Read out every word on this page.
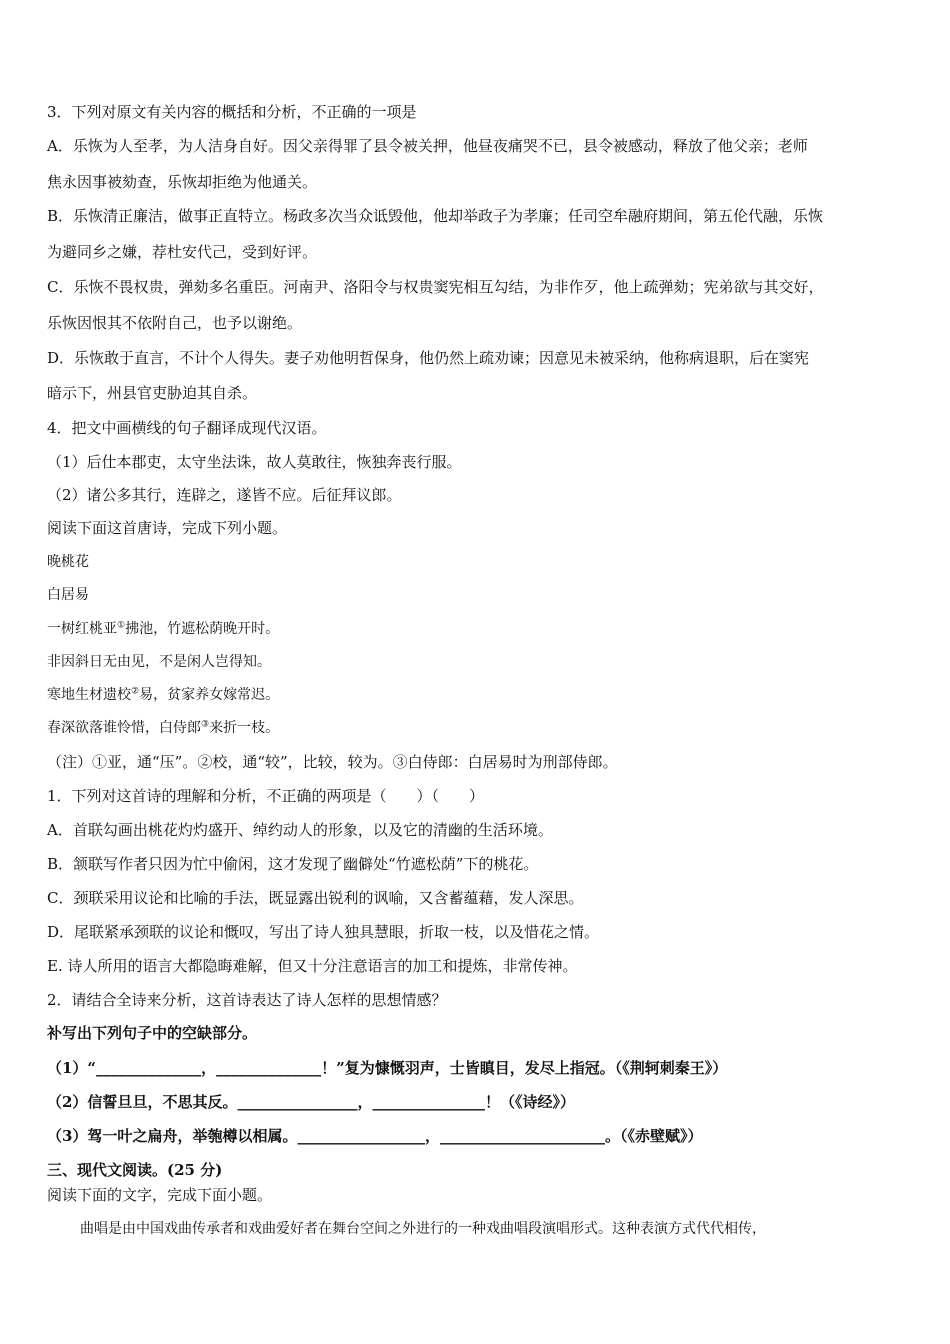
3．下列对原文有关内容的概括和分析，不正确的一项是
A．乐恢为人至孝，为人洁身自好。因父亲得罪了县令被关押，他昼夜痛哭不已，县令被感动，释放了他父亲；老师
焦永因事被劾查，乐恢却拒绝为他通关。
B．乐恢清正廉洁，做事正直特立。杨政多次当众诋毁他，他却举政子为孝廉；任司空牟融府期间，第五伦代融，乐恢
为避同乡之嫌，荐杜安代己，受到好评。
C．乐恢不畏权贵，弹劾多名重臣。河南尹、洛阳令与权贵窦宪相互勾结，为非作歹，他上疏弹劾；宪弟欲与其交好，
乐恢因恨其不依附自己，也予以谢绝。
D．乐恢敢于直言，不计个人得失。妻子劝他明哲保身，他仍然上疏劝谏；因意见未被采纳，他称病退职，后在窦宪
暗示下，州县官吏胁迫其自杀。
4．把文中画横线的句子翻译成现代汉语。
（1）后仕本郡吏，太守坐法诛，故人莫敢往，恢独奔丧行服。
（2）诸公多其行，连辟之，遂皆不应。后征拜议郎。
阅读下面这首唐诗，完成下列小题。
晚桃花
白居易
一树红桃亚①拂池，竹遮松荫晚开时。
非因斜日无由见，不是闲人岂得知。
寒地生材遗校②易，贫家养女嫁常迟。
春深欲落谁怜惜，白侍郎③来折一枝。
（注）①亚，通“压”。②校，通“较”，比较，较为。③白侍郎：白居易时为刑部侍郎。
1．下列对这首诗的理解和分析，不正确的两项是（　　）（　　）
A．首联勾画出桃花灼灼盛开、绰约动人的形象，以及它的清幽的生活环境。
B．颔联写作者只因为忙中偷闲，这才发现了幽僻处“竹遮松荫”下的桃花。
C．颈联采用议论和比喻的手法，既显露出锐利的讽喻，又含蓄蕴藉，发人深思。
D．尾联紧承颈联的议论和慨叹，写出了诗人独具慧眼，折取一枝，以及惜花之情。
E. 诗人所用的语言大都隐晦难解，但又十分注意语言的加工和提炼，非常传神。
2．请结合全诗来分析，这首诗表达了诗人怎样的思想情感？
补写出下列句子中的空缺部分。
（1）“______________，______________！”复为慷慨羽声，士皆瞋目，发尽上指冠。（《荆轲刺秦王》）
（2）信誓旦旦，不思其反。________________，_______________！（《诗经》）
（3）驾一叶之扁舟，举匏樽以相属。_________________，______________________。（《赤壁赋》）
三、现代文阅读。(25 分)
阅读下面的文字，完成下面小题。
曲唱是由中国戏曲传承者和戏曲爱好者在舞台空间之外进行的一种戏曲唱段演唱形式。这种表演方式代代相传，
